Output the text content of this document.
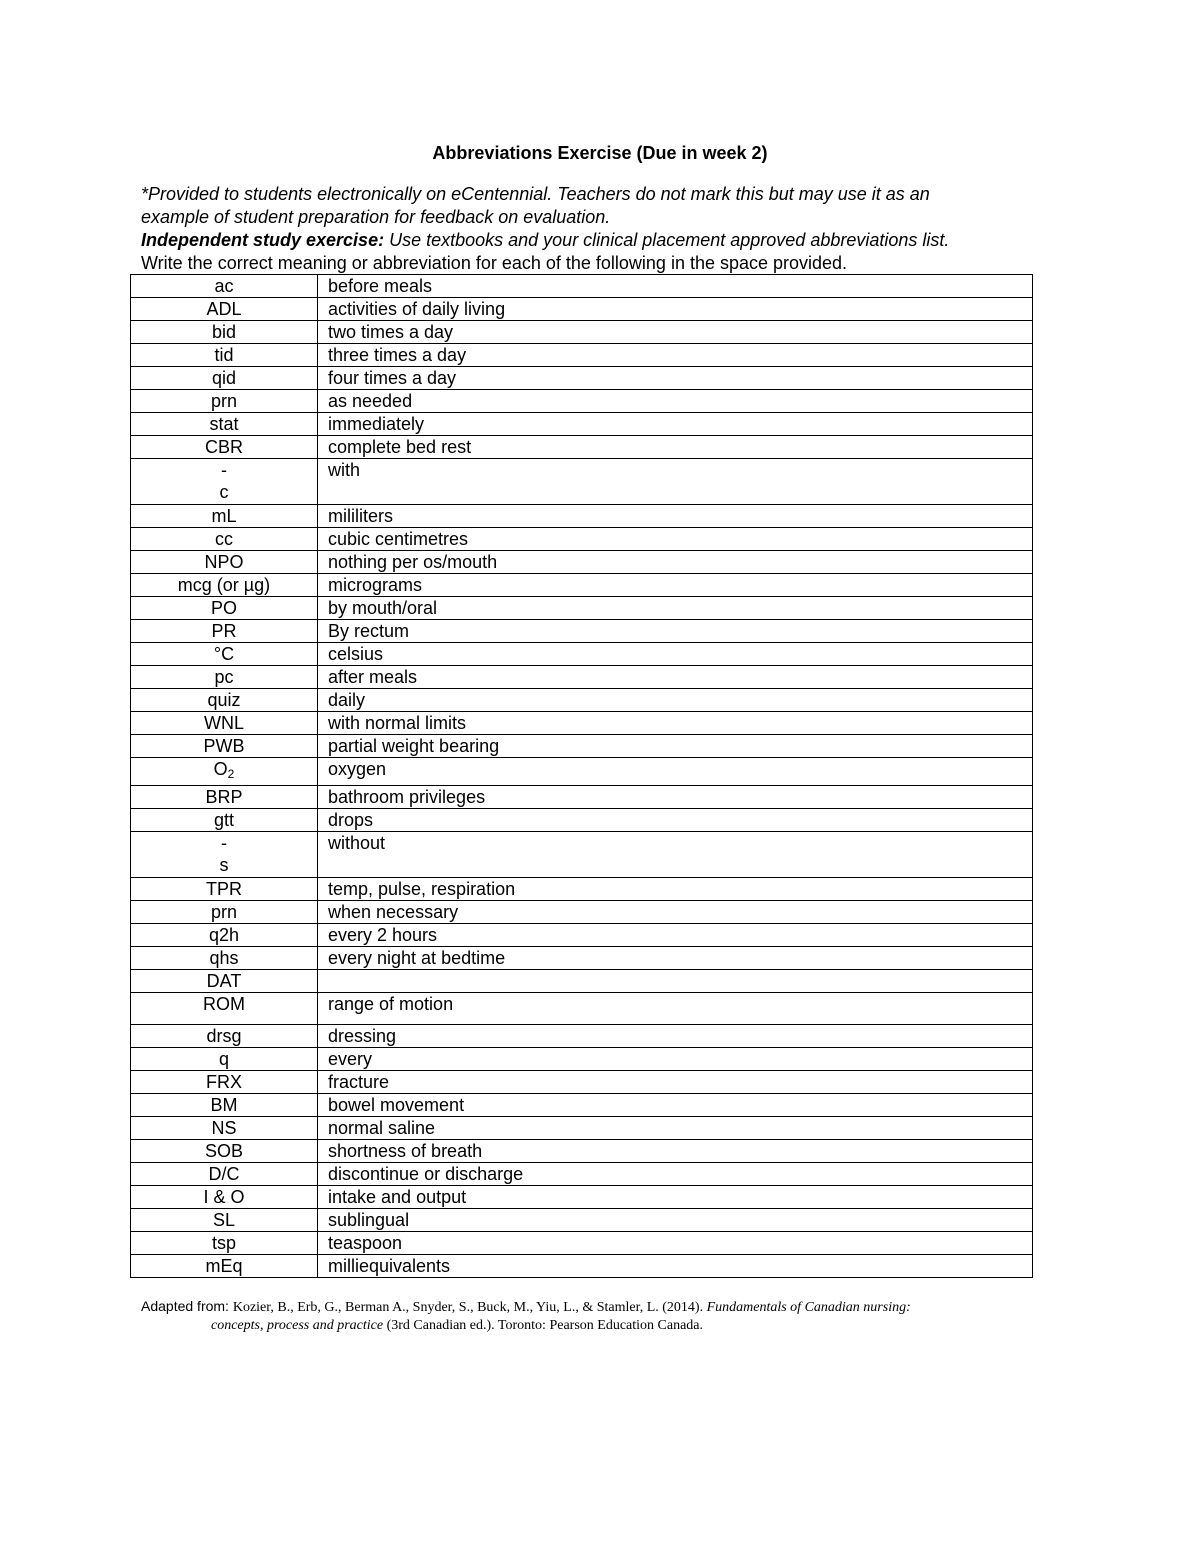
Abbreviations Exercise (Due in week 2)
*Provided to students electronically on eCentennial. Teachers do not mark this but may use it as an
example of student preparation for feedback on evaluation.
Independent study exercise: Use textbooks and your clinical placement approved abbreviations list.
Write the correct meaning or abbreviation for each of the following in the space provided.
ac	before meals
ADL	activities of daily living
bid	two times a day
tid	three times a day
qid	four times a day
prn	as needed
stat	immediately
CBR	complete bed rest

-
c	with
mL	mililiters
cc	cubic centimetres
NPO	nothing per os/mouth
mcg (or µg)	micrograms
PO	by mouth/oral
PR	By rectum
°C	celsius
pc	after meals
quiz	daily
WNL	with normal limits
PWB	partial weight bearing
$O_2$	oxygen
BRP	bathroom privileges
gtt	drops

-
s	without
TPR	temp, pulse, respiration
prn	when necessary
q2h	every 2 hours
qhs	every night at bedtime
DAT	
ROM	range of motion
drsg	dressing
q	every
FRX	fracture
BM	bowel movement
NS	normal saline
SOB	shortness of breath
D/C	discontinue or discharge
I & O	intake and output
SL	sublingual
tsp	teaspoon
mEq	milliequivalents
Adapted from: Kozier, B., Erb, G., Berman A., Snyder, S., Buck, M., Yiu, L., & Stamler, L. (2014). Fundamentals of Canadian nursing:
concepts, process and practice (3rd Canadian ed.). Toronto: Pearson Education Canada.
